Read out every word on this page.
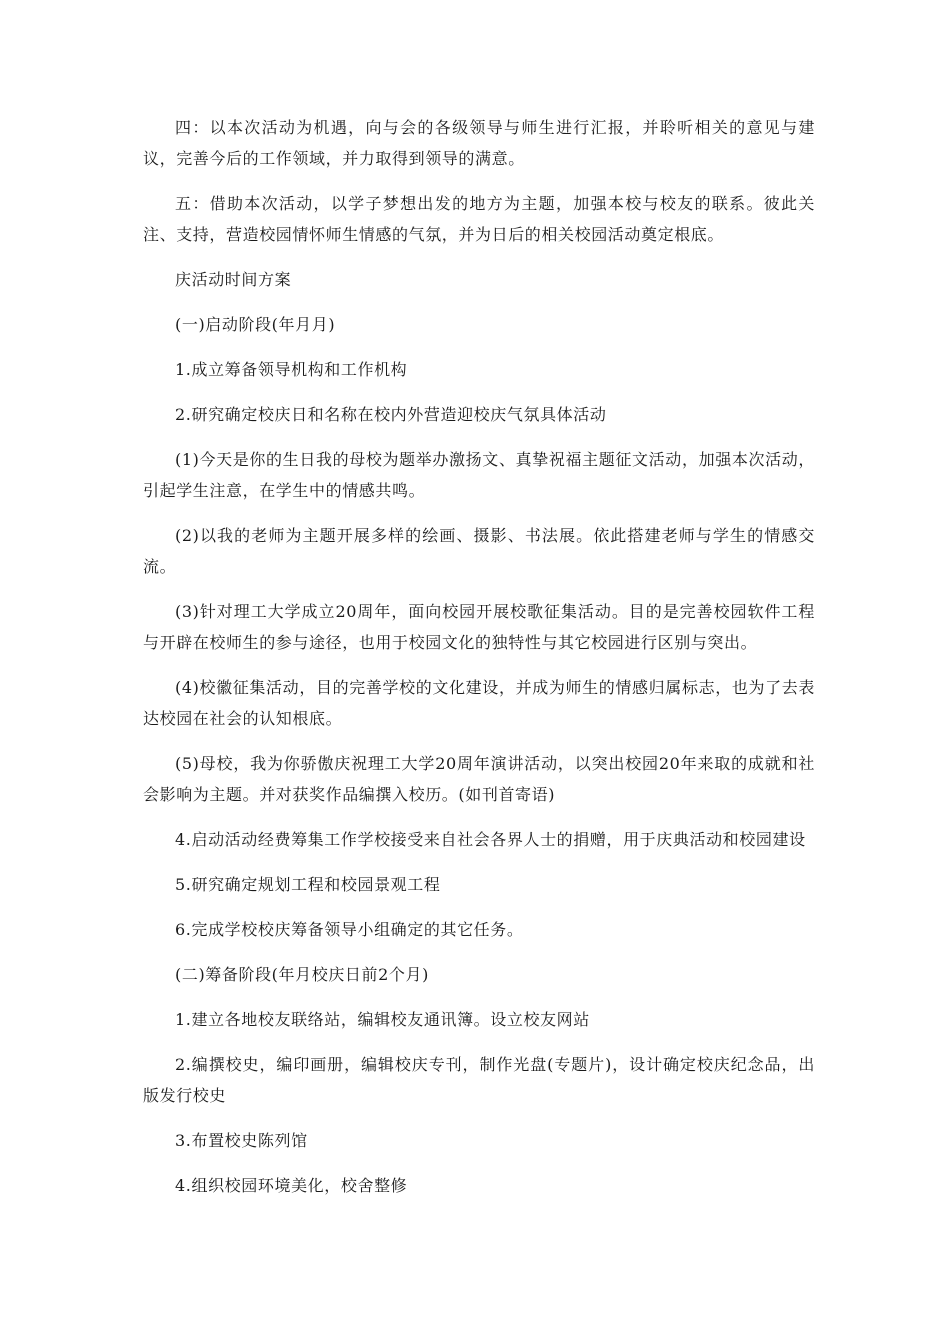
四：以本次活动为机遇，向与会的各级领导与师生进行汇报，并聆听相关的意见与建议，完善今后的工作领域，并力取得到领导的满意。

五：借助本次活动，以学子梦想出发的地方为主题，加强本校与校友的联系。彼此关注、支持，营造校园情怀师生情感的气氛，并为日后的相关校园活动奠定根底。

庆活动时间方案

(一)启动阶段(年月月)

1.成立筹备领导机构和工作机构

2.研究确定校庆日和名称在校内外营造迎校庆气氛具体活动

(1)今天是你的生日我的母校为题举办激扬文、真挚祝福主题征文活动，加强本次活动，引起学生注意，在学生中的情感共鸣。

(2)以我的老师为主题开展多样的绘画、摄影、书法展。依此搭建老师与学生的情感交流。

(3)针对理工大学成立20周年，面向校园开展校歌征集活动。目的是完善校园软件工程与开辟在校师生的参与途径，也用于校园文化的独特性与其它校园进行区别与突出。

(4)校徽征集活动，目的完善学校的文化建设，并成为师生的情感归属标志，也为了去表达校园在社会的认知根底。

(5)母校，我为你骄傲庆祝理工大学20周年演讲活动，以突出校园20年来取的成就和社会影响为主题。并对获奖作品编撰入校历。(如刊首寄语)

4.启动活动经费筹集工作学校接受来自社会各界人士的捐赠，用于庆典活动和校园建设

5.研究确定规划工程和校园景观工程

6.完成学校校庆筹备领导小组确定的其它任务。

(二)筹备阶段(年月校庆日前2个月)

1.建立各地校友联络站，编辑校友通讯簿。设立校友网站

2.编撰校史，编印画册，编辑校庆专刊，制作光盘(专题片)，设计确定校庆纪念品，出版发行校史

3.布置校史陈列馆

4.组织校园环境美化，校舍整修
